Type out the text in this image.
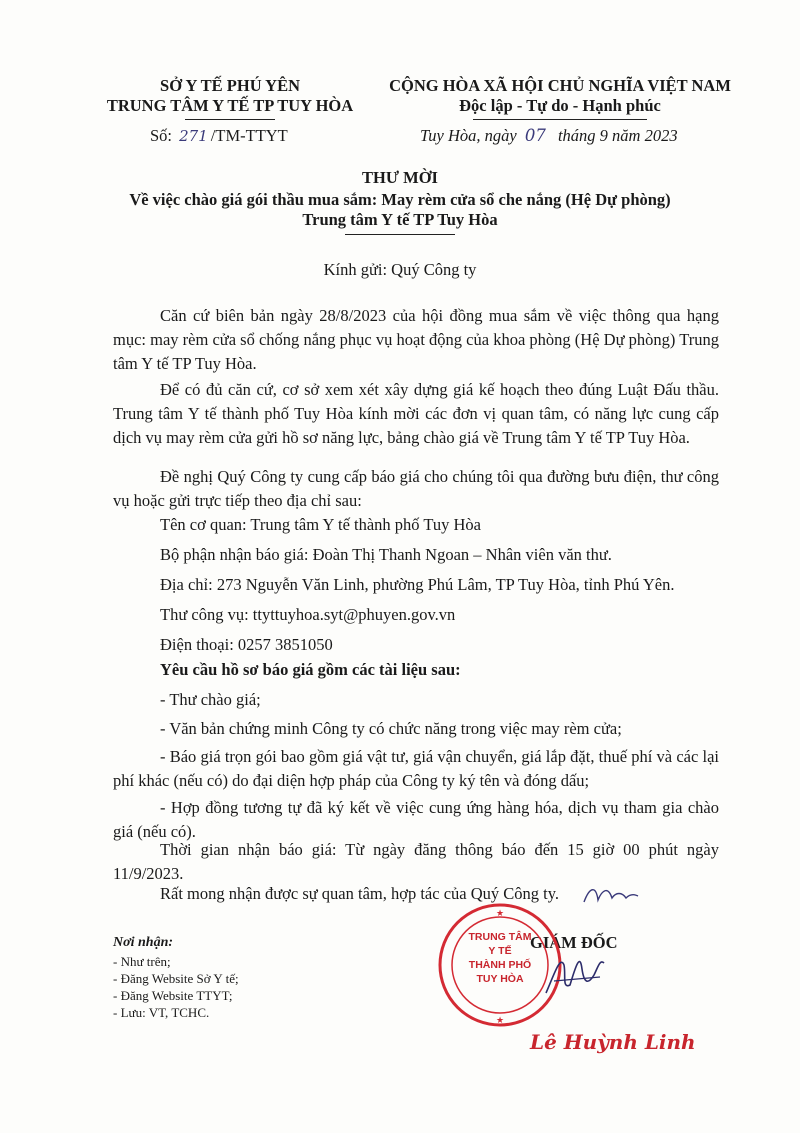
SỞ Y TẾ PHÚ YÊN
TRUNG TÂM Y TẾ TP TUY HÒA
Số: 271 /TM-TTYT
CỘNG HÒA XÃ HỘI CHỦ NGHĨA VIỆT NAM
Độc lập - Tự do - Hạnh phúc
Tuy Hòa, ngày 07 tháng 9 năm 2023
THƯ MỜI
Về việc chào giá gói thầu mua sắm: May rèm cửa sổ che nắng (Hệ Dự phòng)
Trung tâm Y tế TP Tuy Hòa
Kính gửi: Quý Công ty
Căn cứ biên bản ngày 28/8/2023 của hội đồng mua sắm về việc thông qua hạng mục: may rèm cửa sổ chống nắng phục vụ hoạt động của khoa phòng (Hệ Dự phòng) Trung tâm Y tế TP Tuy Hòa.
Để có đủ căn cứ, cơ sở xem xét xây dựng giá kế hoạch theo đúng Luật Đấu thầu. Trung tâm Y tế thành phố Tuy Hòa kính mời các đơn vị quan tâm, có năng lực cung cấp dịch vụ may rèm cửa gửi hồ sơ năng lực, bảng chào giá về Trung tâm Y tế TP Tuy Hòa.
Đề nghị Quý Công ty cung cấp báo giá cho chúng tôi qua đường bưu điện, thư công vụ hoặc gửi trực tiếp theo địa chỉ sau:
Tên cơ quan: Trung tâm Y tế thành phố Tuy Hòa
Bộ phận nhận báo giá: Đoàn Thị Thanh Ngoan – Nhân viên văn thư.
Địa chỉ: 273 Nguyễn Văn Linh, phường Phú Lâm, TP Tuy Hòa, tỉnh Phú Yên.
Thư công vụ: ttyttuyhoa.syt@phuyen.gov.vn
Điện thoại: 0257 3851050
Yêu cầu hồ sơ báo giá gồm các tài liệu sau:
- Thư chào giá;
- Văn bản chứng minh Công ty có chức năng trong việc may rèm cửa;
- Báo giá trọn gói bao gồm giá vật tư, giá vận chuyển, giá lắp đặt, thuế phí và các lại phí khác (nếu có) do đại diện hợp pháp của Công ty ký tên và đóng dấu;
- Hợp đồng tương tự đã ký kết về việc cung ứng hàng hóa, dịch vụ tham gia chào giá (nếu có).
Thời gian nhận báo giá: Từ ngày đăng thông báo đến 15 giờ 00 phút ngày 11/9/2023.
Rất mong nhận được sự quan tâm, hợp tác của Quý Công ty.
Nơi nhận:
- Như trên;
- Đăng Website Sở Y tế;
- Đăng Website TTYT;
- Lưu: VT, TCHC.
GIÁM ĐỐC
★
★
TRUNG TÂM
Y TẾ
THÀNH PHỐ
TUY HÒA
Lê Huỳnh Linh
